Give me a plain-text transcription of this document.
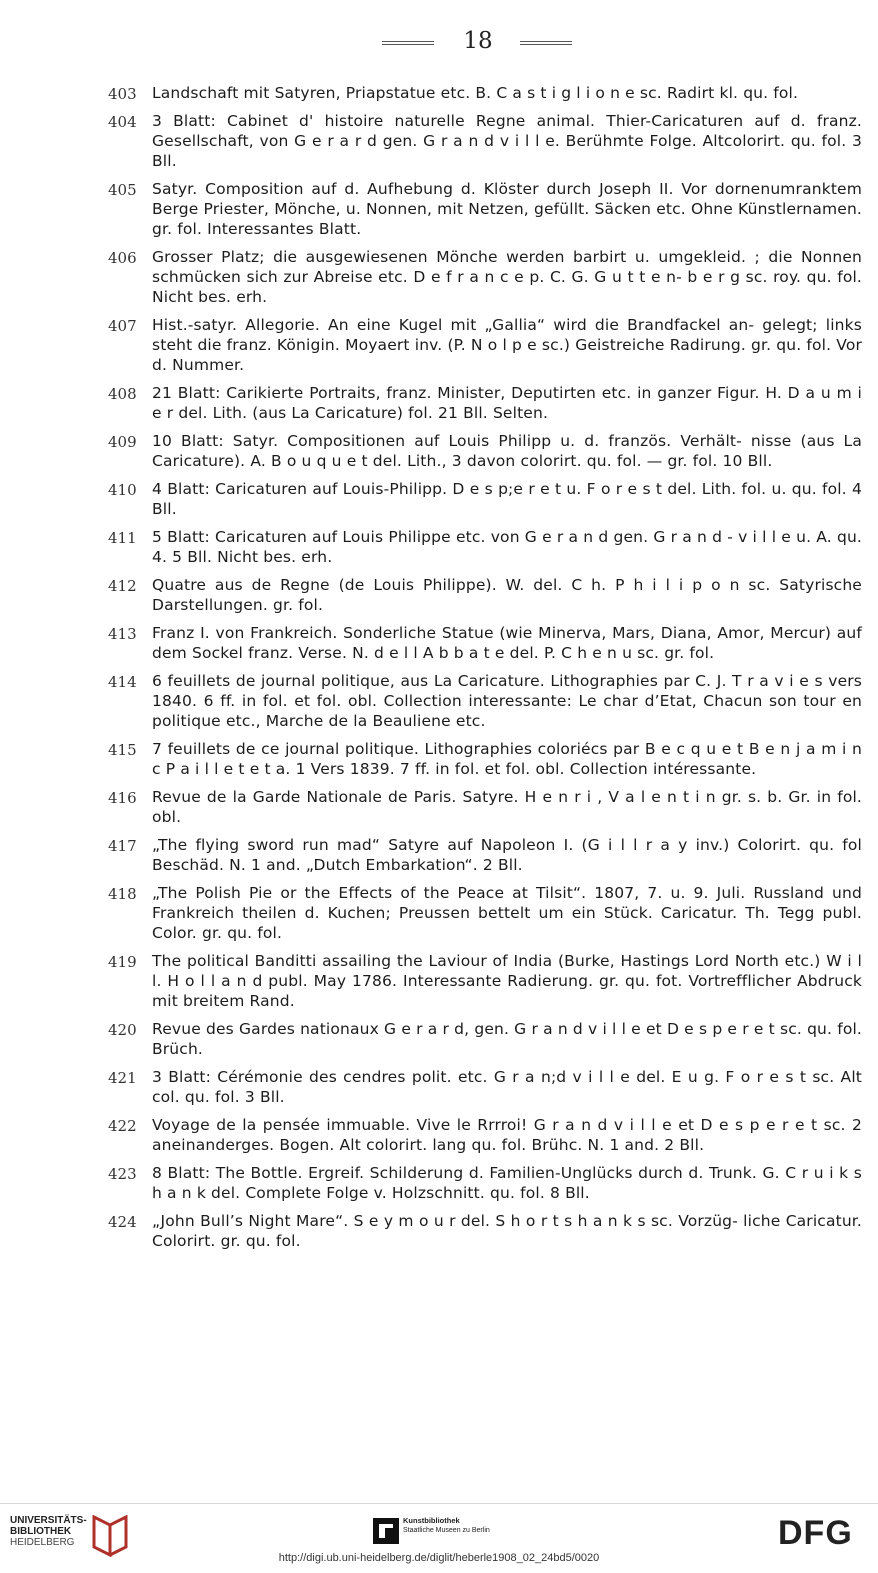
18
403 Landschaft mit Satyren, Priapstatue etc. B. C a s t i g l i o n e sc. Radirt kl. qu. fol.
404 3 Blatt: Cabinet d' histoire naturelle Regne animal. Thier-Caricaturen auf d. franz. Gesellschaft, von G e r a r d gen. G r a n d v i l l e. Berühmte Folge. Altcolorirt. qu. fol. 3 Bll.
405 Satyr. Composition auf d. Aufhebung d. Klöster durch Joseph II. Vor dornenumranktem Berge Priester, Mönche, u. Nonnen, mit Netzen, gefüllt. Säcken etc. Ohne Künstlernamen. gr. fol. Interessantes Blatt.
406 Grosser Platz; die ausgewiesenen Mönche werden barbirt u. umgekleid. ; die Nonnen schmücken sich zur Abreise etc. D e f r a n c e p. C. G. G u t t e n- b e r g sc. roy. qu. fol. Nicht bes. erh.
407 Hist.-satyr. Allegorie. An eine Kugel mit „Gallia“ wird die Brandfackel an- gelegt; links steht die franz. Königin. Moyaert inv. (P. N o l p e sc.) Geistreiche Radirung. gr. qu. fol. Vor d. Nummer.
408 21 Blatt: Carikierte Portraits, franz. Minister, Deputirten etc. in ganzer Figur. H. D a u m i e r del. Lith. (aus La Caricature) fol. 21 Bll. Selten.
409 10 Blatt: Satyr. Compositionen auf Louis Philipp u. d. französ. Verhält- nisse (aus La Caricature). A. B o u q u e t del. Lith., 3 davon colorirt. qu. fol. — gr. fol. 10 Bll.
410 4 Blatt: Caricaturen auf Louis-Philipp. D e s p;e r e t u. F o r e s t del. Lith. fol. u. qu. fol. 4 Bll.
411 5 Blatt: Caricaturen auf Louis Philippe etc. von G e r a n d gen. G r a n d - v i l l e u. A. qu. 4. 5 Bll. Nicht bes. erh.
412 Quatre aus de Regne (de Louis Philippe). W. del. C h. P h i l i p o n sc. Satyrische Darstellungen. gr. fol.
413 Franz I. von Frankreich. Sonderliche Statue (wie Minerva, Mars, Diana, Amor, Mercur) auf dem Sockel franz. Verse. N. d e l l A b b a t e del. P. C h e n u sc. gr. fol.
414 6 feuillets de journal politique, aus La Caricature. Lithographies par C. J. T r a v i e s vers 1840. 6 ff. in fol. et fol. obl. Collection interessante: Le char d’Etat, Chacun son tour en politique etc., Marche de la Beauliene etc.
415 7 feuillets de ce journal politique. Lithographies coloriécs par B e c q u e t B e n j a m i n c P a i l l e t e t a. 1 Vers 1839. 7 ff. in fol. et fol. obl. Collection intéressante.
416 Revue de la Garde Nationale de Paris. Satyre. H e n r i , V a l e n t i n gr. s. b. Gr. in fol. obl.
417 „The flying sword run mad“ Satyre auf Napoleon I. (G i l l r a y inv.) Colorirt. qu. fol Beschäd. N. 1 and. „Dutch Embarkation“. 2 Bll.
418 „The Polish Pie or the Effects of the Peace at Tilsit“. 1807, 7. u. 9. Juli. Russland und Frankreich theilen d. Kuchen; Preussen bettelt um ein Stück. Caricatur. Th. Tegg publ. Color. gr. qu. fol.
419 The political Banditti assailing the Laviour of India (Burke, Hastings Lord North etc.) W i l l. H o l l a n d publ. May 1786. Interessante Radierung. gr. qu. fot. Vortrefflicher Abdruck mit breitem Rand.
420 Revue des Gardes nationaux G e r a r d, gen. G r a n d v i l l e et D e s p e r e t sc. qu. fol. Brüch.
421 3 Blatt: Cérémonie des cendres polit. etc. G r a n;d v i l l e del. E u g. F o r e s t sc. Alt col. qu. fol. 3 Bll.
422 Voyage de la pensée immuable. Vive le Rrrroi! G r a n d v i l l e et D e s p e r e t sc. 2 aneinanderges. Bogen. Alt colorirt. lang qu. fol. Brühc. N. 1 and. 2 Bll.
423 8 Blatt: The Bottle. Ergreif. Schilderung d. Familien-Unglücks durch d. Trunk. G. C r u i k s h a n k del. Complete Folge v. Holzschnitt. qu. fol. 8 Bll.
424 „John Bull’s Night Mare“. S e y m o u r del. S h o r t s h a n k s sc. Vorzüg- liche Caricatur. Colorirt. gr. qu. fol.
UNIVERSITÄTS-
BIBLIOTHEK
HEIDELBERG
Kunstbibliothek
Staatliche Museen zu Berlin	DFG
http://digi.ub.uni-heidelberg.de/diglit/heberle1908_02_24bd5/0020
